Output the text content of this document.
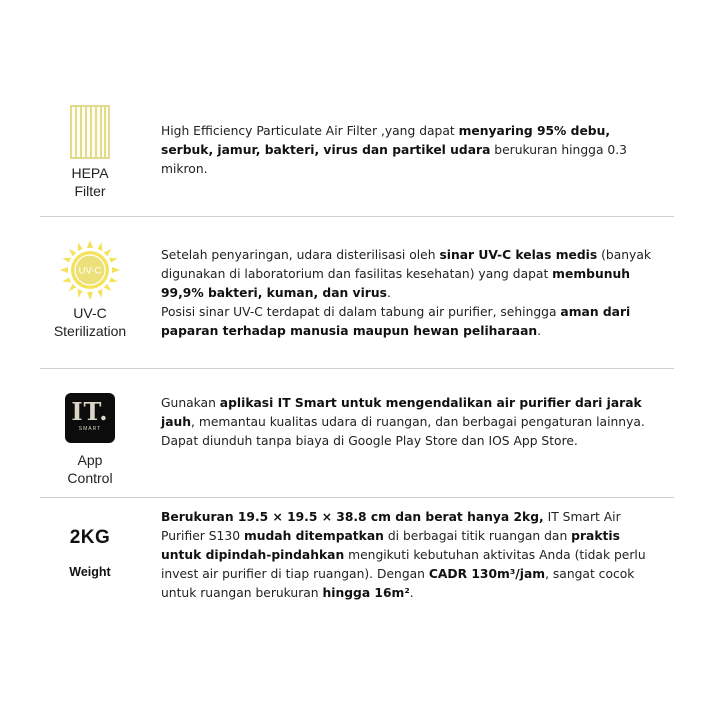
HEPA
Filter
High Efficiency Particulate Air Filter ,yang dapat menyaring 95% debu, serbuk, jamur, bakteri, virus dan partikel udara berukuran hingga 0.3 mikron.
UV-C
UV-C
Sterilization
Setelah penyaringan, udara disterilisasi oleh sinar UV-C kelas medis (banyak digunakan di laboratorium dan fasilitas kesehatan) yang dapat membunuh 99,9% bakteri, kuman, dan virus.
Posisi sinar UV-C terdapat di dalam tabung air purifier, sehingga aman dari paparan terhadap manusia maupun hewan peliharaan.
IT.
SMART
App
Control
Gunakan aplikasi IT Smart untuk mengendalikan air purifier dari jarak jauh, memantau kualitas udara di ruangan, dan berbagai pengaturan lainnya. Dapat diunduh tanpa biaya di Google Play Store dan IOS App Store.
2KG
Weight
Berukuran 19.5 × 19.5 × 38.8 cm dan berat hanya 2kg, IT Smart Air Purifier S130 mudah ditempatkan di berbagai titik ruangan dan praktis untuk dipindah-pindahkan mengikuti kebutuhan aktivitas Anda (tidak perlu invest air purifier di tiap ruangan). Dengan CADR 130m³/jam, sangat cocok untuk ruangan berukuran hingga 16m².
